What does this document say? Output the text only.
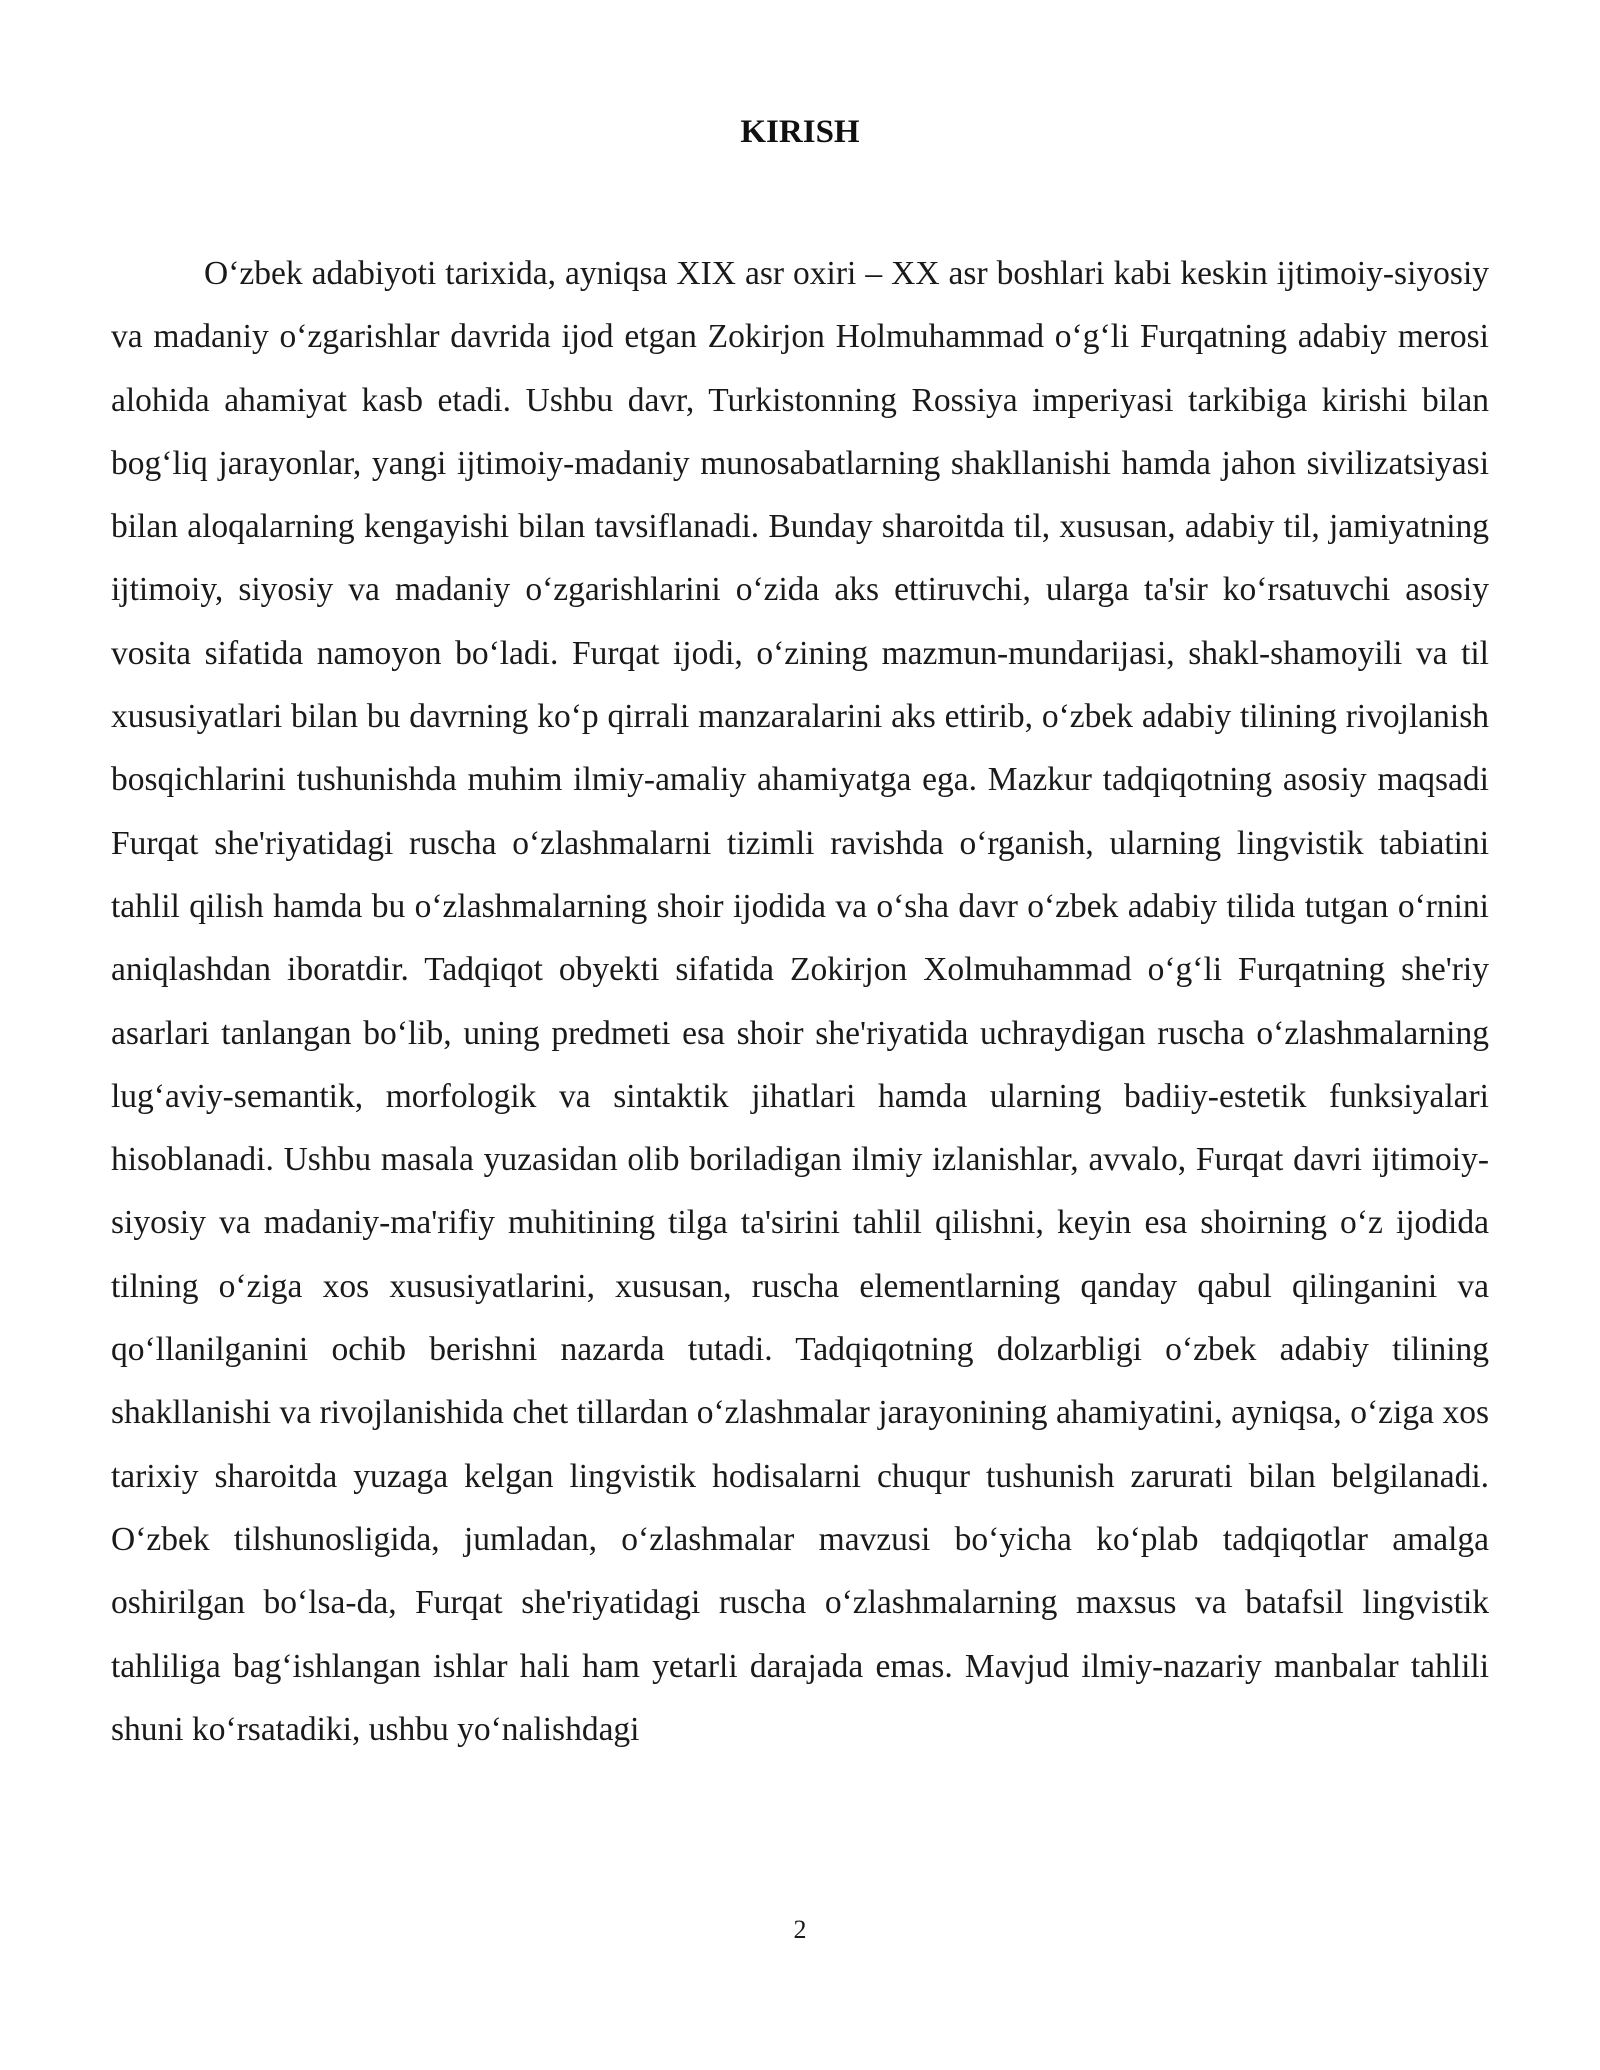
KIRISH

O‘zbek adabiyoti tarixida, ayniqsa XIX asr oxiri – XX asr boshlari kabi keskin ijtimoiy-siyosiy va madaniy o‘zgarishlar davrida ijod etgan Zokirjon Holmuhammad o‘g‘li Furqatning adabiy merosi alohida ahamiyat kasb etadi. Ushbu davr, Turkistonning Rossiya imperiyasi tarkibiga kirishi bilan bog‘liq jarayonlar, yangi ijtimoiy-madaniy munosabatlarning shakllanishi hamda jahon sivilizatsiyasi bilan aloqalarning kengayishi bilan tavsiflanadi. Bunday sharoitda til, xususan, adabiy til, jamiyatning ijtimoiy, siyosiy va madaniy o‘zgarishlarini o‘zida aks ettiruvchi, ularga ta'sir ko‘rsatuvchi asosiy vosita sifatida namoyon bo‘ladi. Furqat ijodi, o‘zining mazmun-mundarijasi, shakl-shamoyili va til xususiyatlari bilan bu davrning ko‘p qirrali manzaralarini aks ettirib, o‘zbek adabiy tilining rivojlanish bosqichlarini tushunishda muhim ilmiy-amaliy ahamiyatga ega. Mazkur tadqiqotning asosiy maqsadi Furqat she'riyatidagi ruscha o‘zlashmalarni tizimli ravishda o‘rganish, ularning lingvistik tabiatini tahlil qilish hamda bu o‘zlashmalarning shoir ijodida va o‘sha davr o‘zbek adabiy tilida tutgan o‘rnini aniqlashdan iboratdir. Tadqiqot obyekti sifatida Zokirjon Xolmuhammad o‘g‘li Furqatning she'riy asarlari tanlangan bo‘lib, uning predmeti esa shoir she'riyatida uchraydigan ruscha o‘zlashmalarning lug‘aviy-semantik, morfologik va sintaktik jihatlari hamda ularning badiiy-estetik funksiyalari hisoblanadi. Ushbu masala yuzasidan olib boriladigan ilmiy izlanishlar, avvalo, Furqat davri ijtimoiy-siyosiy va madaniy-ma'rifiy muhitining tilga ta'sirini tahlil qilishni, keyin esa shoirning o‘z ijodida tilning o‘ziga xos xususiyatlarini, xususan, ruscha elementlarning qanday qabul qilinganini va qo‘llanilganini ochib berishni nazarda tutadi. Tadqiqotning dolzarbligi o‘zbek adabiy tilining shakllanishi va rivojlanishida chet tillardan o‘zlashmalar jarayonining ahamiyatini, ayniqsa, o‘ziga xos tarixiy sharoitda yuzaga kelgan lingvistik hodisalarni chuqur tushunish zarurati bilan belgilanadi. O‘zbek tilshunosligida, jumladan, o‘zlashmalar mavzusi bo‘yicha ko‘plab tadqiqotlar amalga oshirilgan bo‘lsa-da, Furqat she'riyatidagi ruscha o‘zlashmalarning maxsus va batafsil lingvistik tahliliga bag‘ishlangan ishlar hali ham yetarli darajada emas. Mavjud ilmiy-nazariy manbalar tahlili shuni ko‘rsatadiki, ushbu yo‘nalishdagi

2
